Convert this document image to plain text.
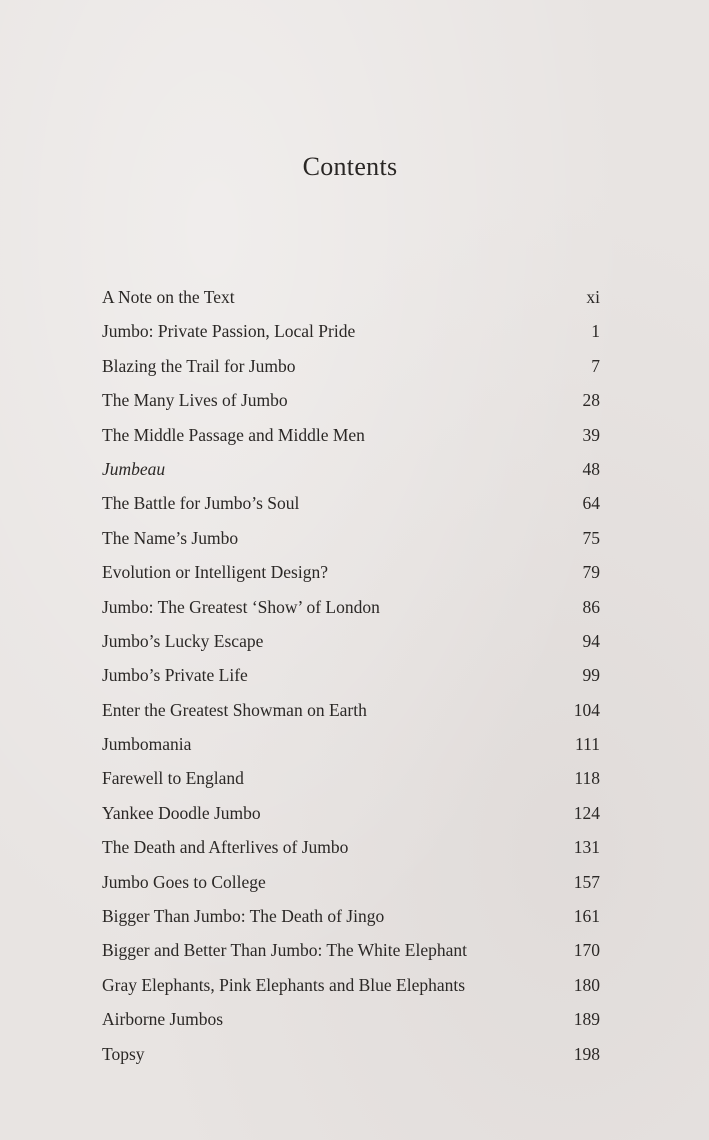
Contents
A Note on the Text	xi
Jumbo: Private Passion, Local Pride	1
Blazing the Trail for Jumbo	7
The Many Lives of Jumbo	28
The Middle Passage and Middle Men	39
Jumbeau	48
The Battle for Jumbo’s Soul	64
The Name’s Jumbo	75
Evolution or Intelligent Design?	79
Jumbo: The Greatest ‘Show’ of London	86
Jumbo’s Lucky Escape	94
Jumbo’s Private Life	99
Enter the Greatest Showman on Earth	104
Jumbomania	111
Farewell to England	118
Yankee Doodle Jumbo	124
The Death and Afterlives of Jumbo	131
Jumbo Goes to College	157
Bigger Than Jumbo: The Death of Jingo	161
Bigger and Better Than Jumbo: The White Elephant	170
Gray Elephants, Pink Elephants and Blue Elephants	180
Airborne Jumbos	189
Topsy	198
